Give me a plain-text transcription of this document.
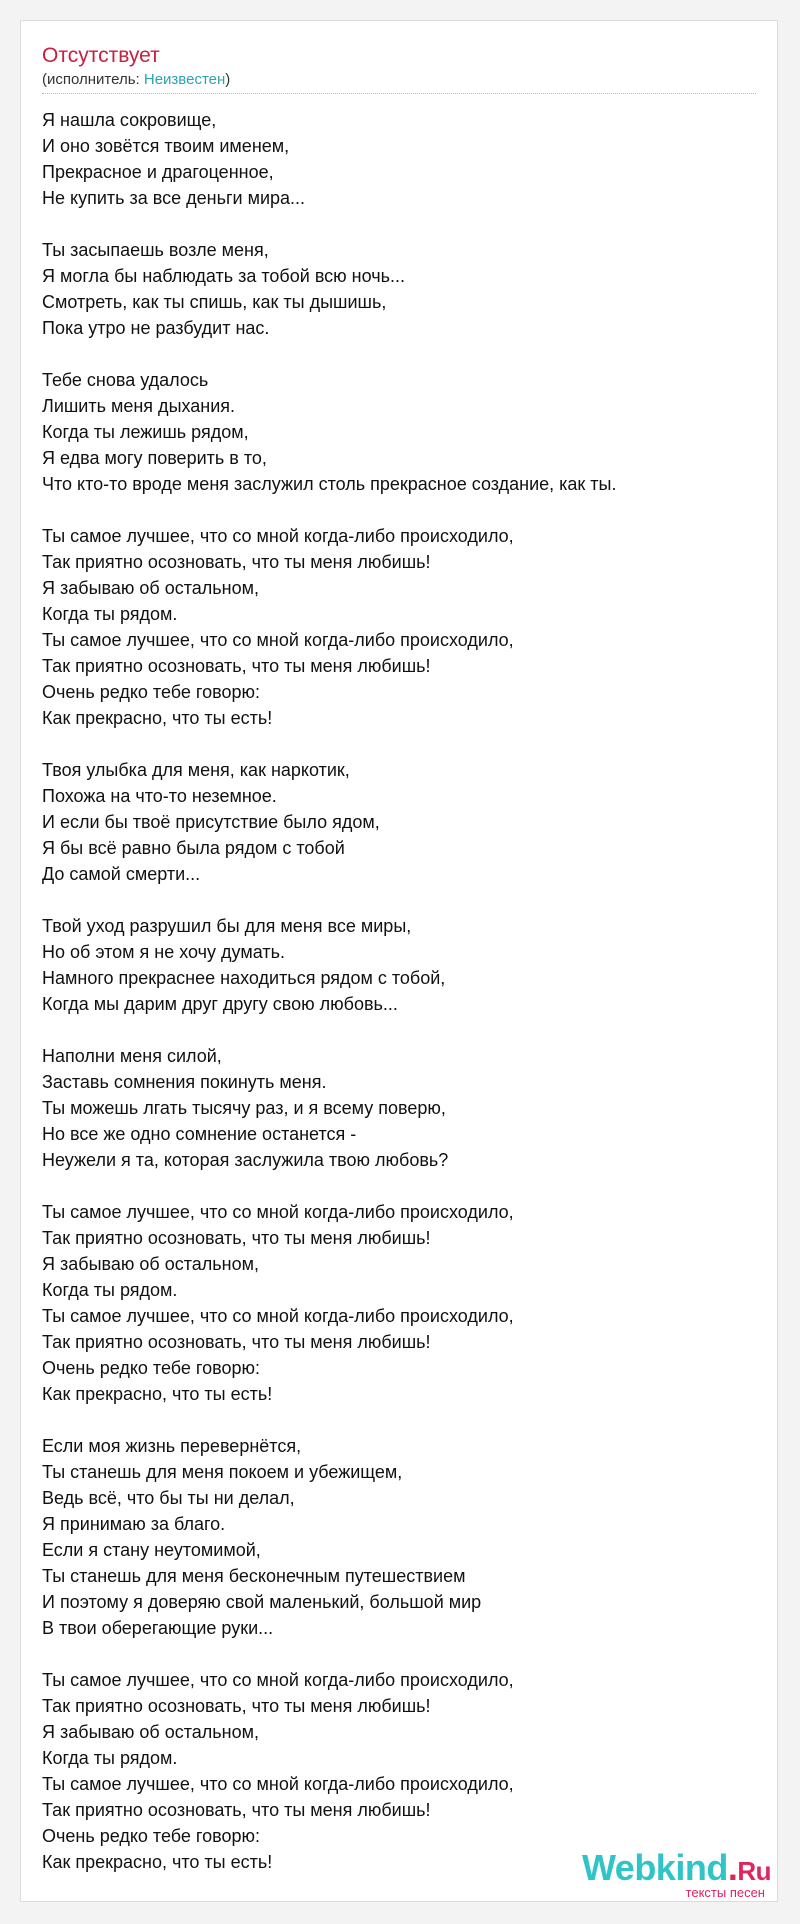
Отсутствует
(исполнитель: Неизвестен)
Я нашла сокровище,
И оно зовётся твоим именем,
Прекрасное и драгоценное,
Не купить за все деньги мира...
Ты засыпаешь возле меня,
Я могла бы наблюдать за тобой всю ночь...
Смотреть, как ты спишь, как ты дышишь,
Пока утро не разбудит нас.
Тебе снова удалось
Лишить меня дыхания.
Когда ты лежишь рядом,
Я едва могу поверить в то,
Что кто-то вроде меня заслужил столь прекрасное создание, как ты.
Ты самое лучшее, что со мной когда-либо происходило,
Так приятно осозновать, что ты меня любишь!
Я забываю об остальном,
Когда ты рядом.
Ты самое лучшее, что со мной когда-либо происходило,
Так приятно осозновать, что ты меня любишь!
Очень редко тебе говорю:
Как прекрасно, что ты есть!
Твоя улыбка для меня, как наркотик,
Похожа на что-то неземное.
И если бы твоё присутствие было ядом,
Я бы всё равно была рядом с тобой
До самой смерти...
Твой уход разрушил бы для меня все миры,
Но об этом я не хочу думать.
Намного прекраснее находиться рядом с тобой,
Когда мы дарим друг другу свою любовь...
Наполни меня силой,
Заставь сомнения покинуть меня.
Ты можешь лгать тысячу раз, и я всему поверю,
Но все же одно сомнение останется -
Неужели я та, которая заслужила твою любовь?
Ты самое лучшее, что со мной когда-либо происходило,
Так приятно осозновать, что ты меня любишь!
Я забываю об остальном,
Когда ты рядом.
Ты самое лучшее, что со мной когда-либо происходило,
Так приятно осозновать, что ты меня любишь!
Очень редко тебе говорю:
Как прекрасно, что ты есть!
Если моя жизнь перевернётся,
Ты станешь для меня покоем и убежищем,
Ведь всё, что бы ты ни делал,
Я принимаю за благо.
Если я стану неутомимой,
Ты станешь для меня бесконечным путешествием
И поэтому я доверяю свой маленький, большой мир
В твои оберегающие руки...
Ты самое лучшее, что со мной когда-либо происходило,
Так приятно осозновать, что ты меня любишь!
Я забываю об остальном,
Когда ты рядом.
Ты самое лучшее, что со мной когда-либо происходило,
Так приятно осозновать, что ты меня любишь!
Очень редко тебе говорю:
Как прекрасно, что ты есть!	Webkind.Ru
тексты песен
